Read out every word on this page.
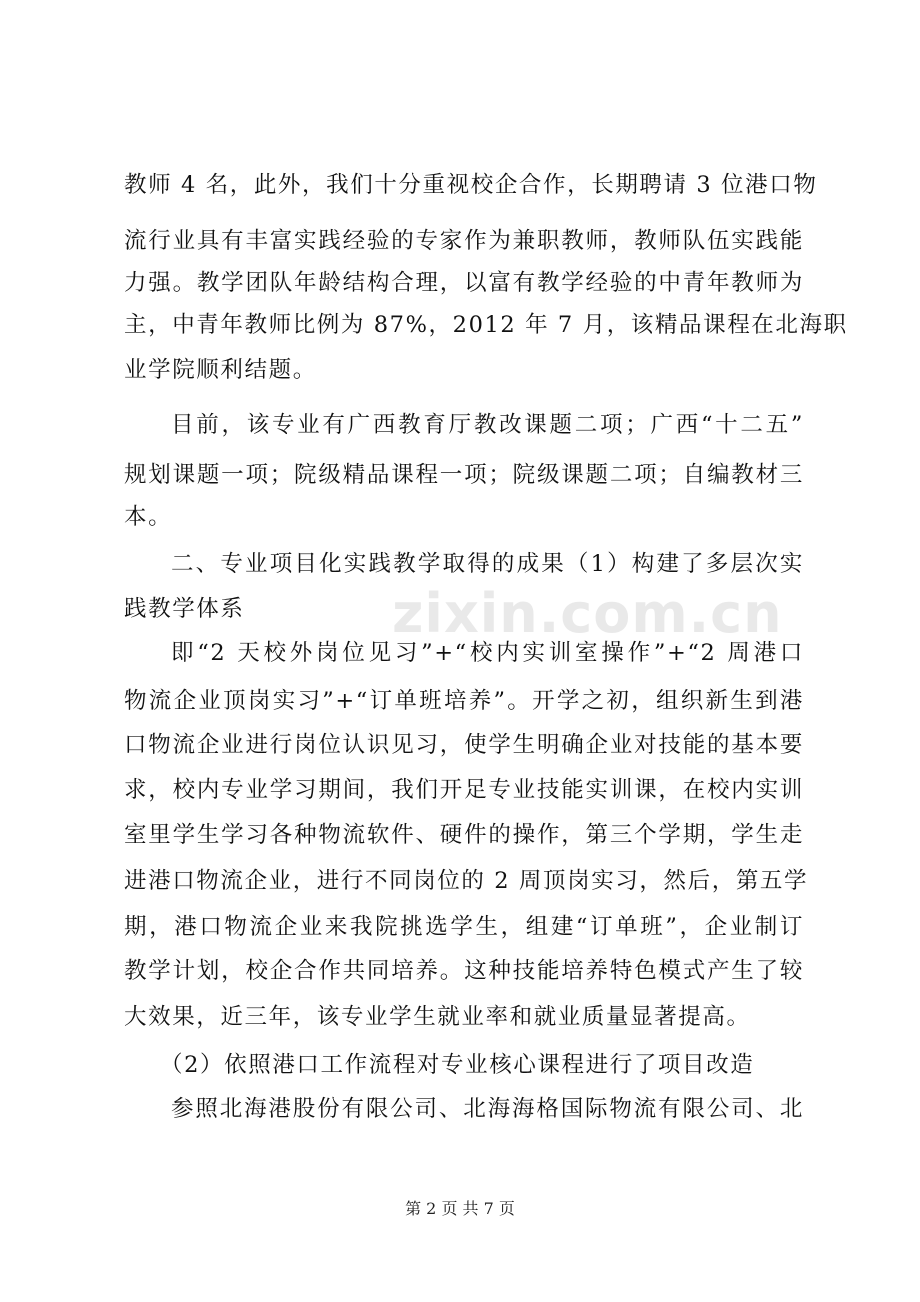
教师 4 名，此外，我们十分重视校企合作，长期聘请 3 位港口物
流行业具有丰富实践经验的专家作为兼职教师，教师队伍实践能
力强。教学团队年龄结构合理，以富有教学经验的中青年教师为
主，中青年教师比例为 87%，2012 年 7 月，该精品课程在北海职
业学院顺利结题。
目前，该专业有广西教育厅教改课题二项；广西“十二五”
规划课题一项；院级精品课程一项；院级课题二项；自编教材三
本。
二、专业项目化实践教学取得的成果（1）构建了多层次实
践教学体系
即“2 天校外岗位见习”+“校内实训室操作”+“2 周港口
物流企业顶岗实习”+“订单班培养”。开学之初，组织新生到港
口物流企业进行岗位认识见习，使学生明确企业对技能的基本要
求，校内专业学习期间，我们开足专业技能实训课，在校内实训
室里学生学习各种物流软件、硬件的操作，第三个学期，学生走
进港口物流企业，进行不同岗位的 2 周顶岗实习，然后，第五学
期，港口物流企业来我院挑选学生，组建“订单班”，企业制订
教学计划，校企合作共同培养。这种技能培养特色模式产生了较
大效果，近三年，该专业学生就业率和就业质量显著提高。
（2）依照港口工作流程对专业核心课程进行了项目改造
参照北海港股份有限公司、北海海格国际物流有限公司、北
zixin.com.cn
第 2 页 共 7 页
